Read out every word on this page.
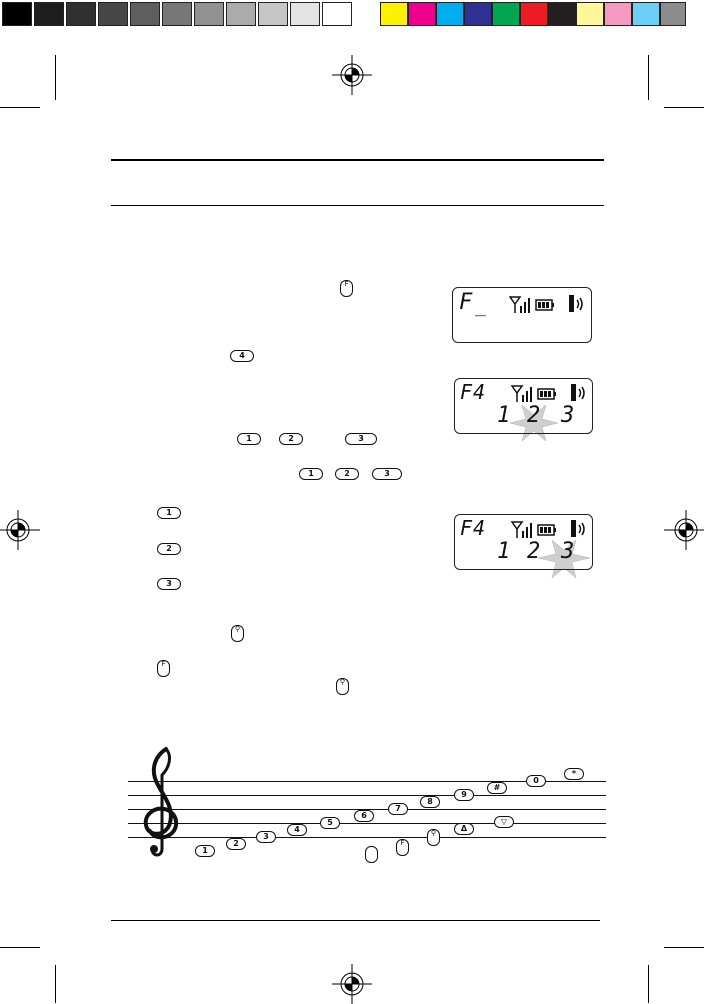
F
4
1	2	3
1	2	3
1
2
3
⚲
F
⚲
F _
F4
1 2 3
F4
1 2 3
1
2
3
4
5
6
7
8
9
#
0
*
Δ
▽
⚲
F
⌒
